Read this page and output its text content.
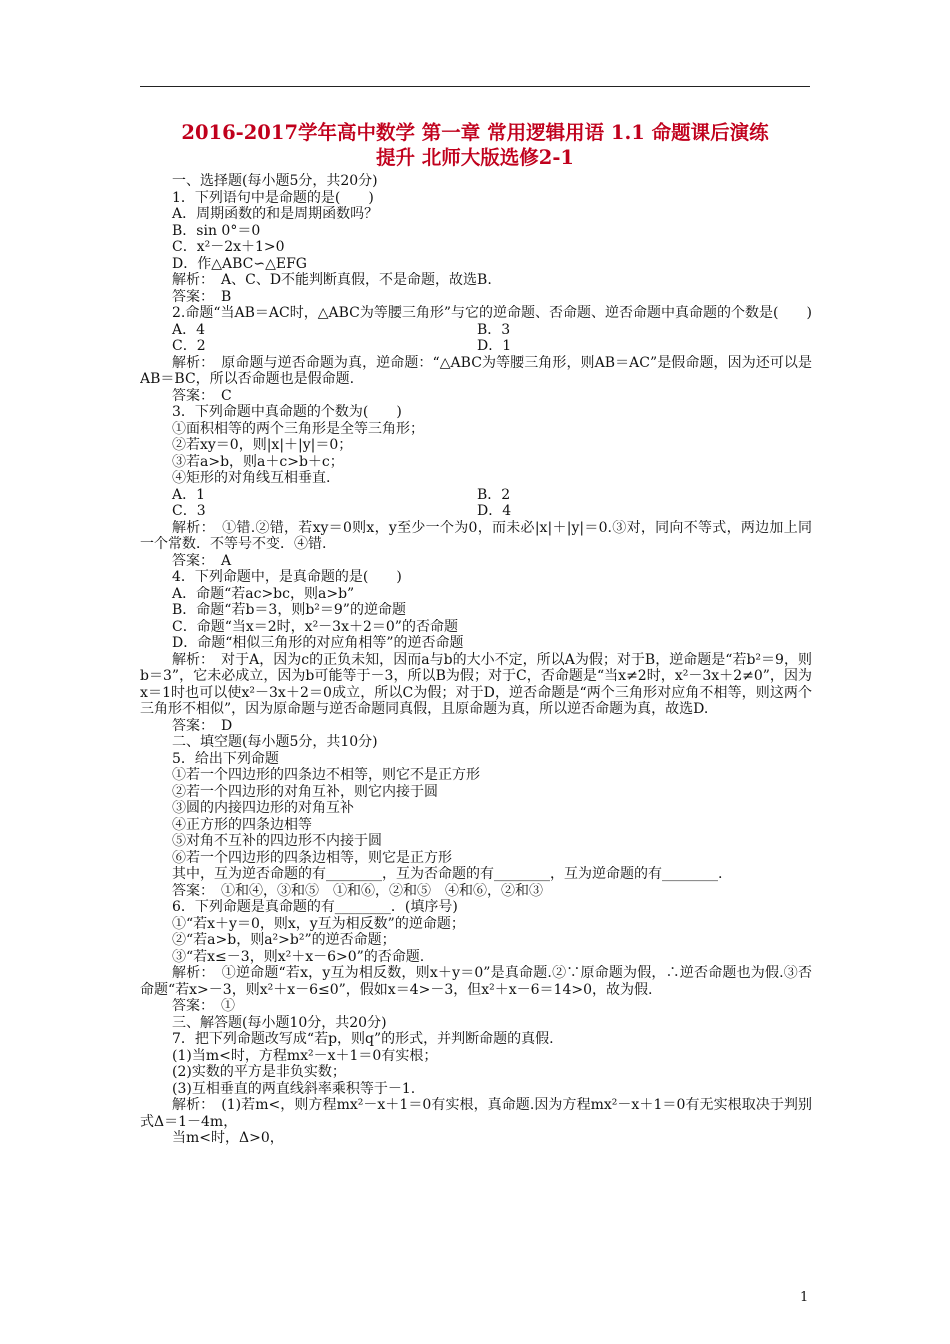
2016-2017学年高中数学 第一章 常用逻辑用语 1.1 命题课后演练
提升 北师大版选修2-1

一、选择题(每小题5分，共20分)

1．下列语句中是命题的是(　　)

A．周期函数的和是周期函数吗？

B．sin 0°＝0

C．x²－2x＋1>0

D．作△ABC∽△EFG

解析：　A、C、D不能判断真假，不是命题，故选B.

答案：　B

2.命题“当AB＝AC时，△ABC为等腰三角形”与它的逆命题、否命题、逆否命题中真命题的个数是(　　)

A．4	B．3

C．2	D．1

解析：　原命题与逆否命题为真，逆命题：“△ABC为等腰三角形，则AB＝AC”是假命题，因为还可以是AB＝BC，所以否命题也是假命题.

答案：　C

3．下列命题中真命题的个数为(　　)

①面积相等的两个三角形是全等三角形；

②若xy＝0，则|x|＋|y|＝0；

③若a>b，则a＋c>b＋c；

④矩形的对角线互相垂直.

A．1	B．2

C．3	D．4

解析：　①错.②错，若xy＝0则x，y至少一个为0，而未必|x|＋|y|＝0.③对，同向不等式，两边加上同一个常数．不等号不变．④错.

答案：　A

4．下列命题中，是真命题的是(　　)

A．命题“若ac>bc，则a>b”

B．命题“若b＝3，则b²＝9”的逆命题

C．命题“当x＝2时，x²－3x＋2＝0”的否命题

D．命题“相似三角形的对应角相等”的逆否命题

解析：　对于A，因为c的正负未知，因而a与b的大小不定，所以A为假；对于B，逆命题是“若b²＝9，则b＝3”，它未必成立，因为b可能等于－3，所以B为假；对于C，否命题是“当x≠2时，x²－3x＋2≠0”，因为x＝1时也可以使x²－3x＋2＝0成立，所以C为假；对于D，逆否命题是“两个三角形对应角不相等，则这两个三角形不相似”，因为原命题与逆否命题同真假，且原命题为真，所以逆否命题为真，故选D.

答案：　D

二、填空题(每小题5分，共10分)

5．给出下列命题

①若一个四边形的四条边不相等，则它不是正方形

②若一个四边形的对角互补，则它内接于圆

③圆的内接四边形的对角互补

④正方形的四条边相等

⑤对角不互补的四边形不内接于圆

⑥若一个四边形的四条边相等，则它是正方形

其中，互为逆否命题的有________，互为否命题的有________，互为逆命题的有________.

答案：　①和④，③和⑤　①和⑥，②和⑤　④和⑥，②和③

6．下列命题是真命题的有________．(填序号)

①“若x＋y＝0，则x，y互为相反数”的逆命题；

②“若a>b，则a²>b²”的逆否命题；

③“若x≤－3，则x²＋x－6>0”的否命题.

解析：　①逆命题“若x，y互为相反数，则x＋y＝0”是真命题.②∵原命题为假，∴逆否命题也为假.③否命题“若x>－3，则x²＋x－6≤0”，假如x＝4>－3，但x²＋x－6＝14>0，故为假.

答案：　①

三、解答题(每小题10分，共20分)

7．把下列命题改写成“若p，则q”的形式，并判断命题的真假.

(1)当m<时，方程mx²－x＋1＝0有实根；

(2)实数的平方是非负实数；

(3)互相垂直的两直线斜率乘积等于－1.

解析：　(1)若m<，则方程mx²－x＋1＝0有实根，真命题.因为方程mx²－x＋1＝0有无实根取决于判别式Δ＝1－4m，

当m<时，Δ>0，

1
